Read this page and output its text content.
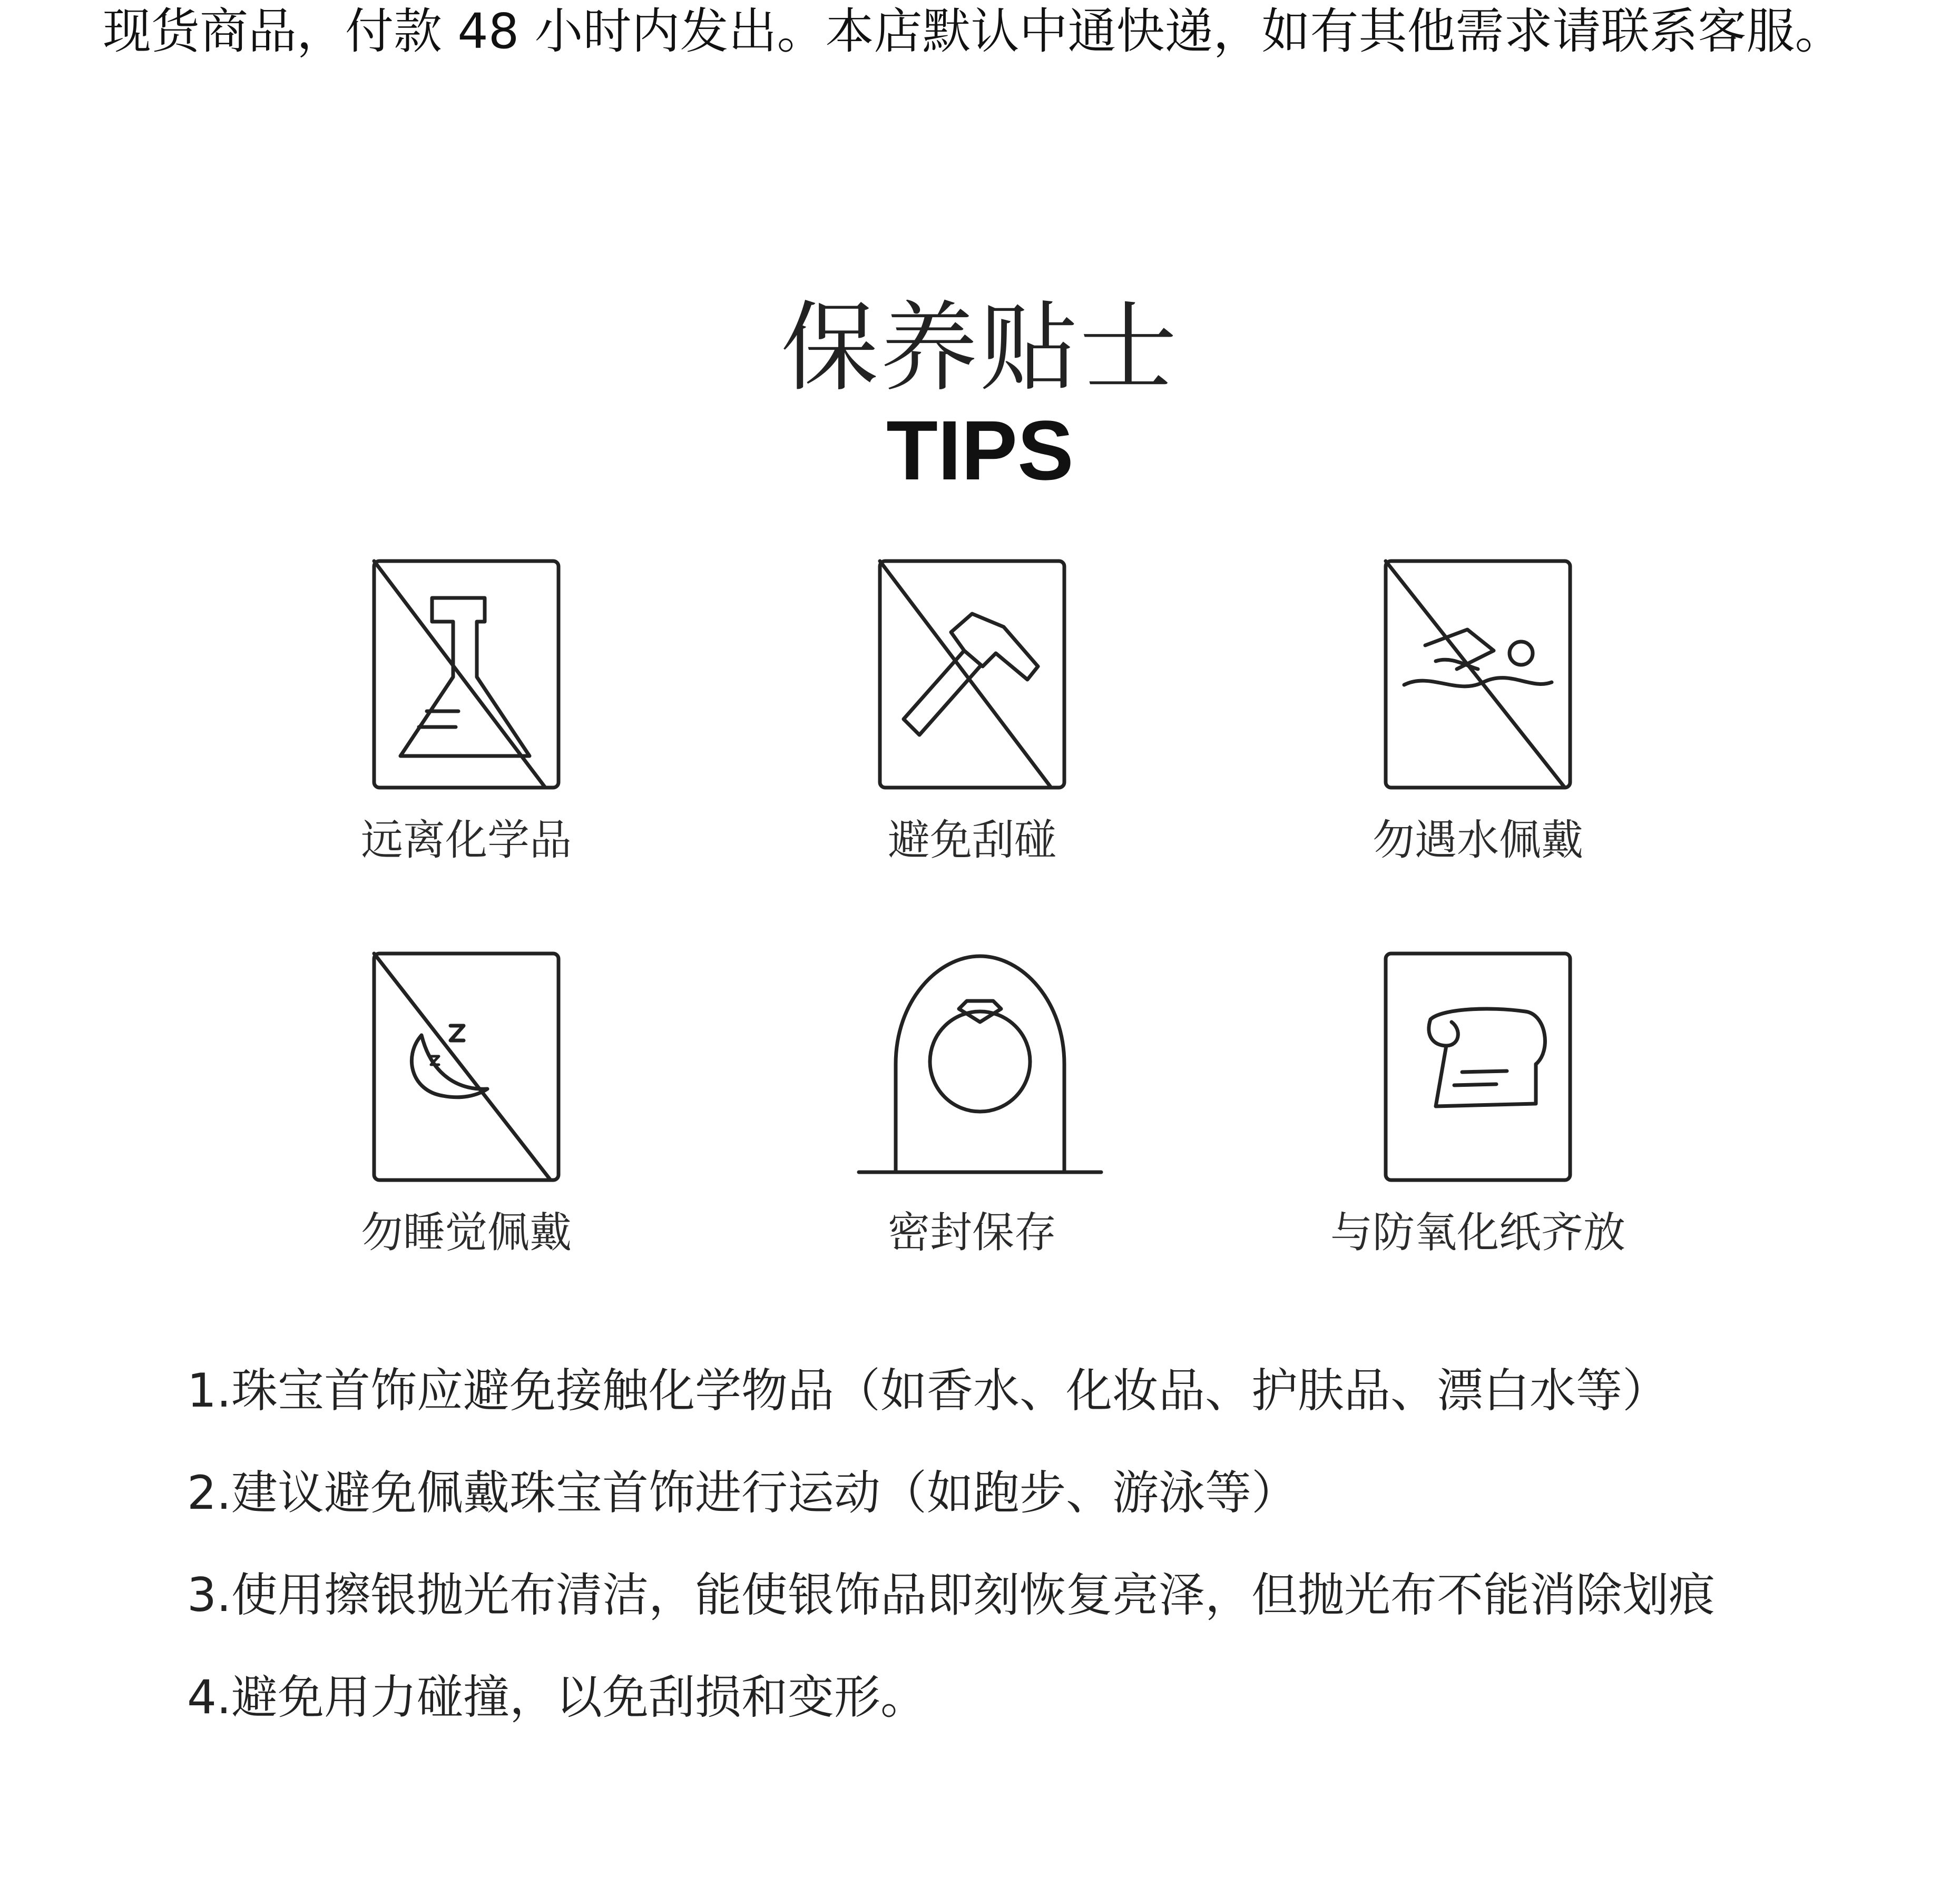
现货商品，付款 48 小时内发出。本店默认中通快递，如有其他需求请联系客服。
保养贴士
TIPS
远离化学品	避免刮碰	勿遇水佩戴
勿睡觉佩戴	密封保存	与防氧化纸齐放
1.珠宝首饰应避免接触化学物品（如香水、化妆品、护肤品、漂白水等）
2.建议避免佩戴珠宝首饰进行运动（如跑步、游泳等）
3.使用擦银抛光布清洁，能使银饰品即刻恢复亮泽，但抛光布不能消除划痕
4.避免用力碰撞，以免刮损和变形。
